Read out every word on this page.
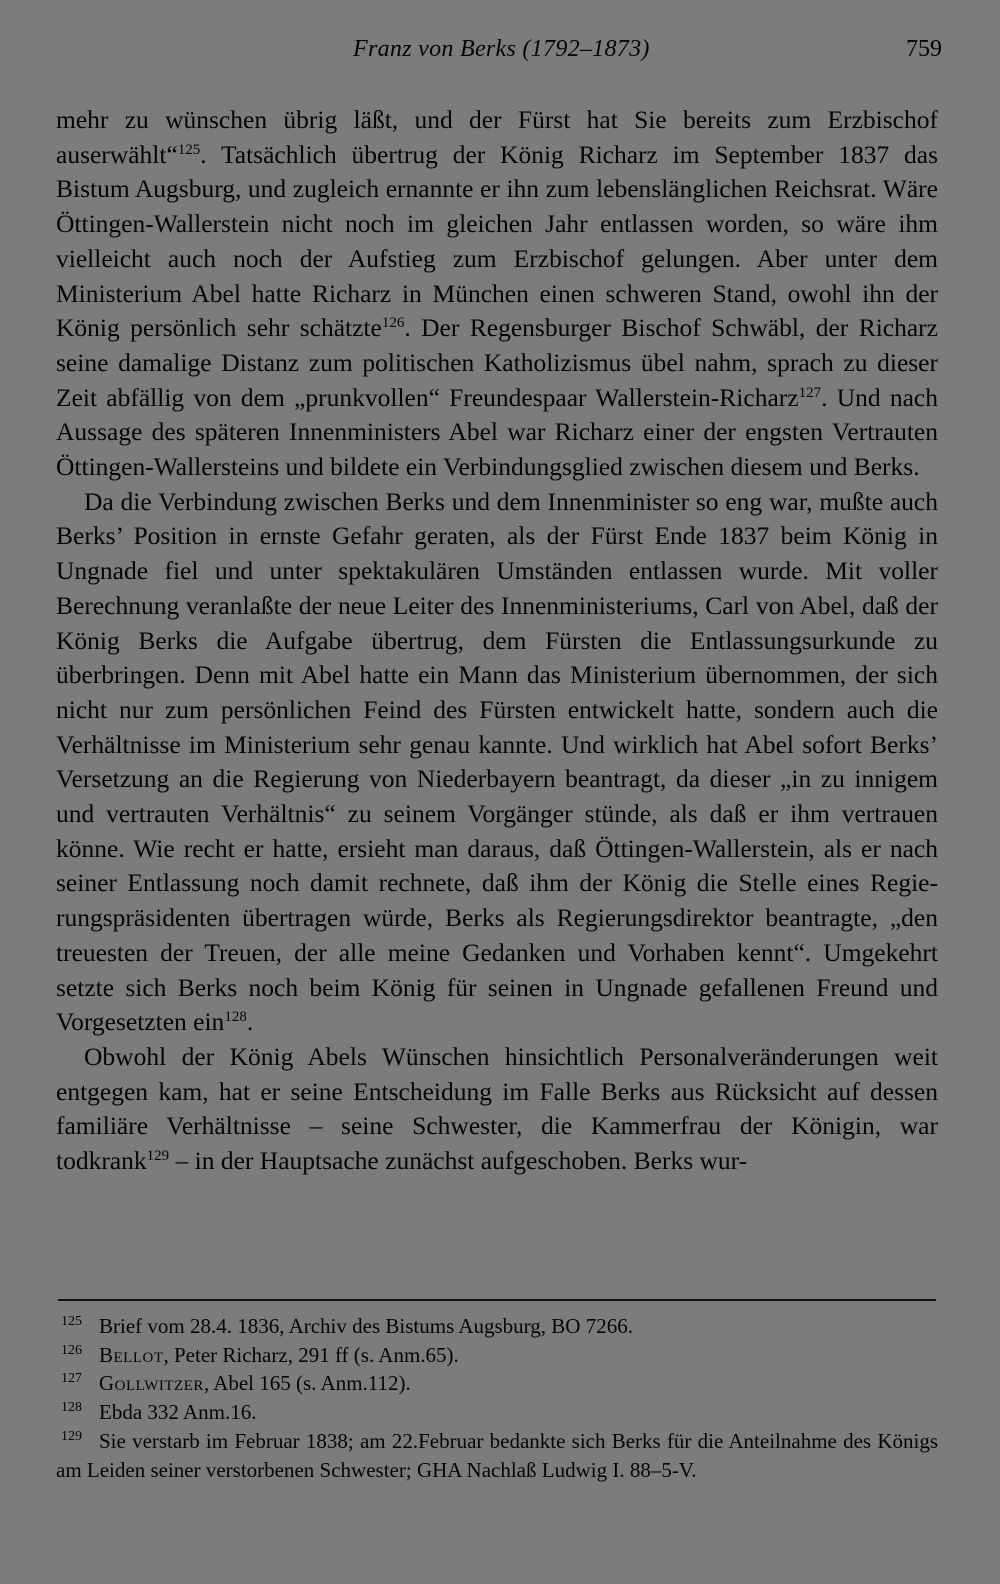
Franz von Berks (1792–1873)	759

mehr zu wünschen übrig läßt, und der Fürst hat Sie bereits zum Erzbischof auserwählt“$^{125}$. Tatsächlich übertrug der König Richarz im September 1837 das Bistum Augsburg, und zugleich ernannte er ihn zum lebenslänglichen Reichsrat. Wäre Öttingen-Wallerstein nicht noch im gleichen Jahr entlassen worden, so wäre ihm vielleicht auch noch der Aufstieg zum Erzbischof gelungen. Aber unter dem Ministerium Abel hatte Richarz in München einen schweren Stand, owohl ihn der König persönlich sehr schätzte$^{126}$. Der Regensburger Bischof Schwäbl, der Richarz seine damalige Distanz zum politischen Katholizismus übel nahm, sprach zu dieser Zeit abfällig von dem „prunkvollen“ Freundespaar Wallerstein-Richarz$^{127}$. Und nach Aussage des späteren Innenministers Abel war Richarz einer der engsten Vertrauten Öttingen-Wallersteins und bildete ein Verbindungsglied zwischen diesem und Berks.

Da die Verbindung zwischen Berks und dem Innenminister so eng war, mußte auch Berks’ Position in ernste Gefahr geraten, als der Fürst Ende 1837 beim König in Ungnade fiel und unter spektakulären Umständen entlassen wurde. Mit voller Berechnung veranlaßte der neue Leiter des Innenministeriums, Carl von Abel, daß der König Berks die Aufgabe übertrug, dem Fürsten die Entlassungsurkunde zu überbringen. Denn mit Abel hatte ein Mann das Ministerium übernommen, der sich nicht nur zum persönlichen Feind des Fürsten entwickelt hatte, sondern auch die Verhältnisse im Ministerium sehr genau kannte. Und wirklich hat Abel sofort Berks’ Versetzung an die Regierung von Niederbayern beantragt, da dieser „in zu innigem und vertrauten Verhältnis“ zu seinem Vorgänger stünde, als daß er ihm vertrauen könne. Wie recht er hatte, ersieht man daraus, daß Öttingen-Wallerstein, als er nach seiner Entlassung noch damit rechnete, daß ihm der König die Stelle eines Regierungspräsidenten übertragen würde, Berks als Regierungsdirektor beantragte, „den treuesten der Treuen, der alle meine Gedanken und Vorhaben kennt“. Umgekehrt setzte sich Berks noch beim König für seinen in Ungnade gefallenen Freund und Vorgesetzten ein$^{128}$.

Obwohl der König Abels Wünschen hinsichtlich Personalveränderungen weit entgegen kam, hat er seine Entscheidung im Falle Berks aus Rücksicht auf dessen familiäre Verhältnisse – seine Schwester, die Kammerfrau der Königin, war todkrank$^{129}$ – in der Hauptsache zunächst aufgeschoben. Berks wur-

125 Brief vom 28.4. 1836, Archiv des Bistums Augsburg, BO 7266.
126 Bellot, Peter Richarz, 291 ff (s. Anm.65).
127 Gollwitzer, Abel 165 (s. Anm.112).
128 Ebda 332 Anm.16.
129 Sie verstarb im Februar 1838; am 22.Februar bedankte sich Berks für die Anteilnahme des Königs am Leiden seiner verstorbenen Schwester; GHA Nachlaß Ludwig I. 88–5-V.
